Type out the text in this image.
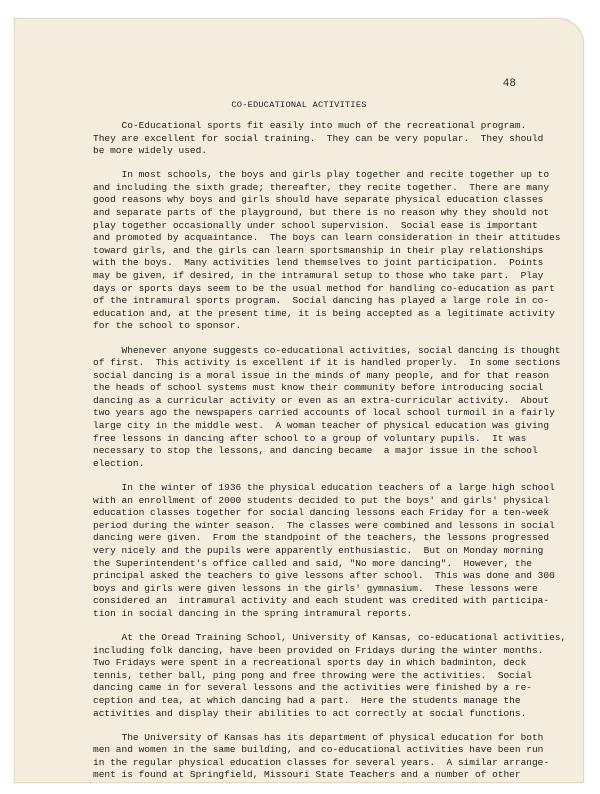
48
CO-EDUCATIONAL ACTIVITIES
Co-Educational sports fit easily into much of the recreational program.
They are excellent for social training.  They can be very popular.  They should
be more widely used.
In most schools, the boys and girls play together and recite together up to
and including the sixth grade; thereafter, they recite together.  There are many
good reasons why boys and girls should have separate physical education classes
and separate parts of the playground, but there is no reason why they should not
play together occasionally under school supervision.  Social ease is important
and promoted by acquaintance.  The boys can learn consideration in their attitudes
toward girls, and the girls can learn sportsmanship in their play relationships
with the boys.  Many activities lend themselves to joint participation.  Points
may be given, if desired, in the intramural setup to those who take part.  Play
days or sports days seem to be the usual method for handling co-education as part
of the intramural sports program.  Social dancing has played a large role in co-
education and, at the present time, it is being accepted as a legitimate activity
for the school to sponsor.
Whenever anyone suggests co-educational activities, social dancing is thought
of first.  This activity is excellent if it is handled properly.  In some sections
social dancing is a moral issue in the minds of many people, and for that reason
the heads of school systems must know their community before introducing social
dancing as a curricular activity or even as an extra-curricular activity.  About
two years ago the newspapers carried accounts of local school turmoil in a fairly
large city in the middle west.  A woman teacher of physical education was giving
free lessons in dancing after school to a group of voluntary pupils.  It was
necessary to stop the lessons, and dancing became  a major issue in the school
election.
In the winter of 1936 the physical education teachers of a large high school
with an enrollment of 2000 students decided to put the boys' and girls' physical
education classes together for social dancing lessons each Friday for a ten-week
period during the winter season.  The classes were combined and lessons in social
dancing were given.  From the standpoint of the teachers, the lessons progressed
very nicely and the pupils were apparently enthusiastic.  But on Monday morning
the Superintendent's office called and said, "No more dancing".  However, the
principal asked the teachers to give lessons after school.  This was done and 300
boys and girls were given lessons in the girls' gymnasium.  These lessons were
considered an  intramural activity and each student was credited with participa-
tion in social dancing in the spring intramural reports.
At the Oread Training School, University of Kansas, co-educational activities,
including folk dancing, have been provided on Fridays during the winter months.
Two Fridays were spent in a recreational sports day in which badminton, deck
tennis, tether ball, ping pong and free throwing were the activities.  Social
dancing came in for several lessons and the activities were finished by a re-
ception and tea, at which dancing had a part.  Here the students manage the
activities and display their abilities to act correctly at social functions.
The University of Kansas has its department of physical education for both
men and women in the same building, and co-educational activities have been run
in the regular physical education classes for several years.  A similar arrange-
ment is found at Springfield, Missouri State Teachers and a number of other
